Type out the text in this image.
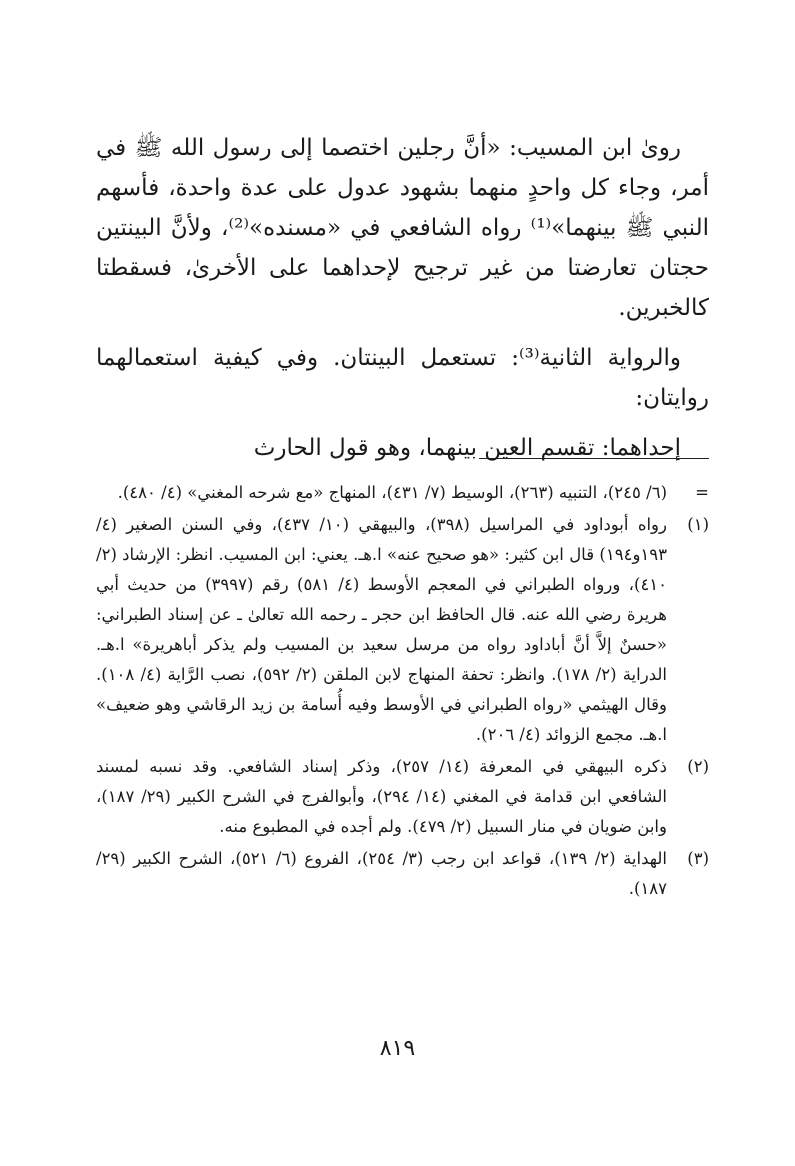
رویٰ ابن المسیب: «أنَّ رجلين اختصما إلى رسول الله ﷺ في أمر، وجاء كل واحدٍ منهما بشهود عدول على عدة واحدة، فأسهم النبي ﷺ بينهما»⁽¹⁾ رواه الشافعي في «مسنده»⁽²⁾، ولأنَّ البينتين حجتان تعارضتا من غير ترجيح لإحداهما على الأخرىٰ، فسقطتا كالخبرين.

والرواية الثانية⁽³⁾: تستعمل البينتان. وفي كيفية استعمالهما روايتان:

إحداهما: تقسم العين بينهما، وهو قول الحارث

=
(٦/ ٢٤٥)، التنبيه (٢٦٣)، الوسيط (٧/ ٤٣١)، المنهاج «مع شرحه المغني» (٤/ ٤٨٠).
(١)
رواه أبوداود في المراسيل (٣٩٨)، والبيهقي (١٠/ ٤٣٧)، وفي السنن الصغير (٤/ ١٩٣و١٩٤) قال ابن كثير: «هو صحيح عنه» ا.هـ. يعني: ابن المسيب. انظر: الإرشاد (٢/ ٤١٠)، ورواه الطبراني في المعجم الأوسط (٤/ ٥٨١) رقم (٣٩٩٧) من حديث أبي هريرة رضي الله عنه. قال الحافظ ابن حجر ـ رحمه الله تعالىٰ ـ عن إسناد الطبراني: «حسنٌ إلاَّ أنَّ أباداود رواه من مرسل سعيد بن المسيب ولم يذكر أباهريرة» ا.هـ. الدراية (٢/ ١٧٨). وانظر: تحفة المنهاج لابن الملقن (٢/ ٥٩٢)، نصب الرَّاية (٤/ ١٠٨). وقال الهيثمي «رواه الطبراني في الأوسط وفيه أُسامة بن زيد الرقاشي وهو ضعيف» ا.هـ. مجمع الزوائد (٤/ ٢٠٦).
(٢)
ذكره البيهقي في المعرفة (١٤/ ٢٥٧)، وذكر إسناد الشافعي. وقد نسبه لمسند الشافعي ابن قدامة في المغني (١٤/ ٢٩٤)، وأبوالفرج في الشرح الكبير (٢٩/ ١٨٧)، وابن ضويان في منار السبيل (٢/ ٤٧٩). ولم أجده في المطبوع منه.
(٣)
الهداية (٢/ ١٣٩)، قواعد ابن رجب (٣/ ٢٥٤)، الفروع (٦/ ٥٢١)، الشرح الكبير (٢٩/ ١٨٧).
٨١٩
